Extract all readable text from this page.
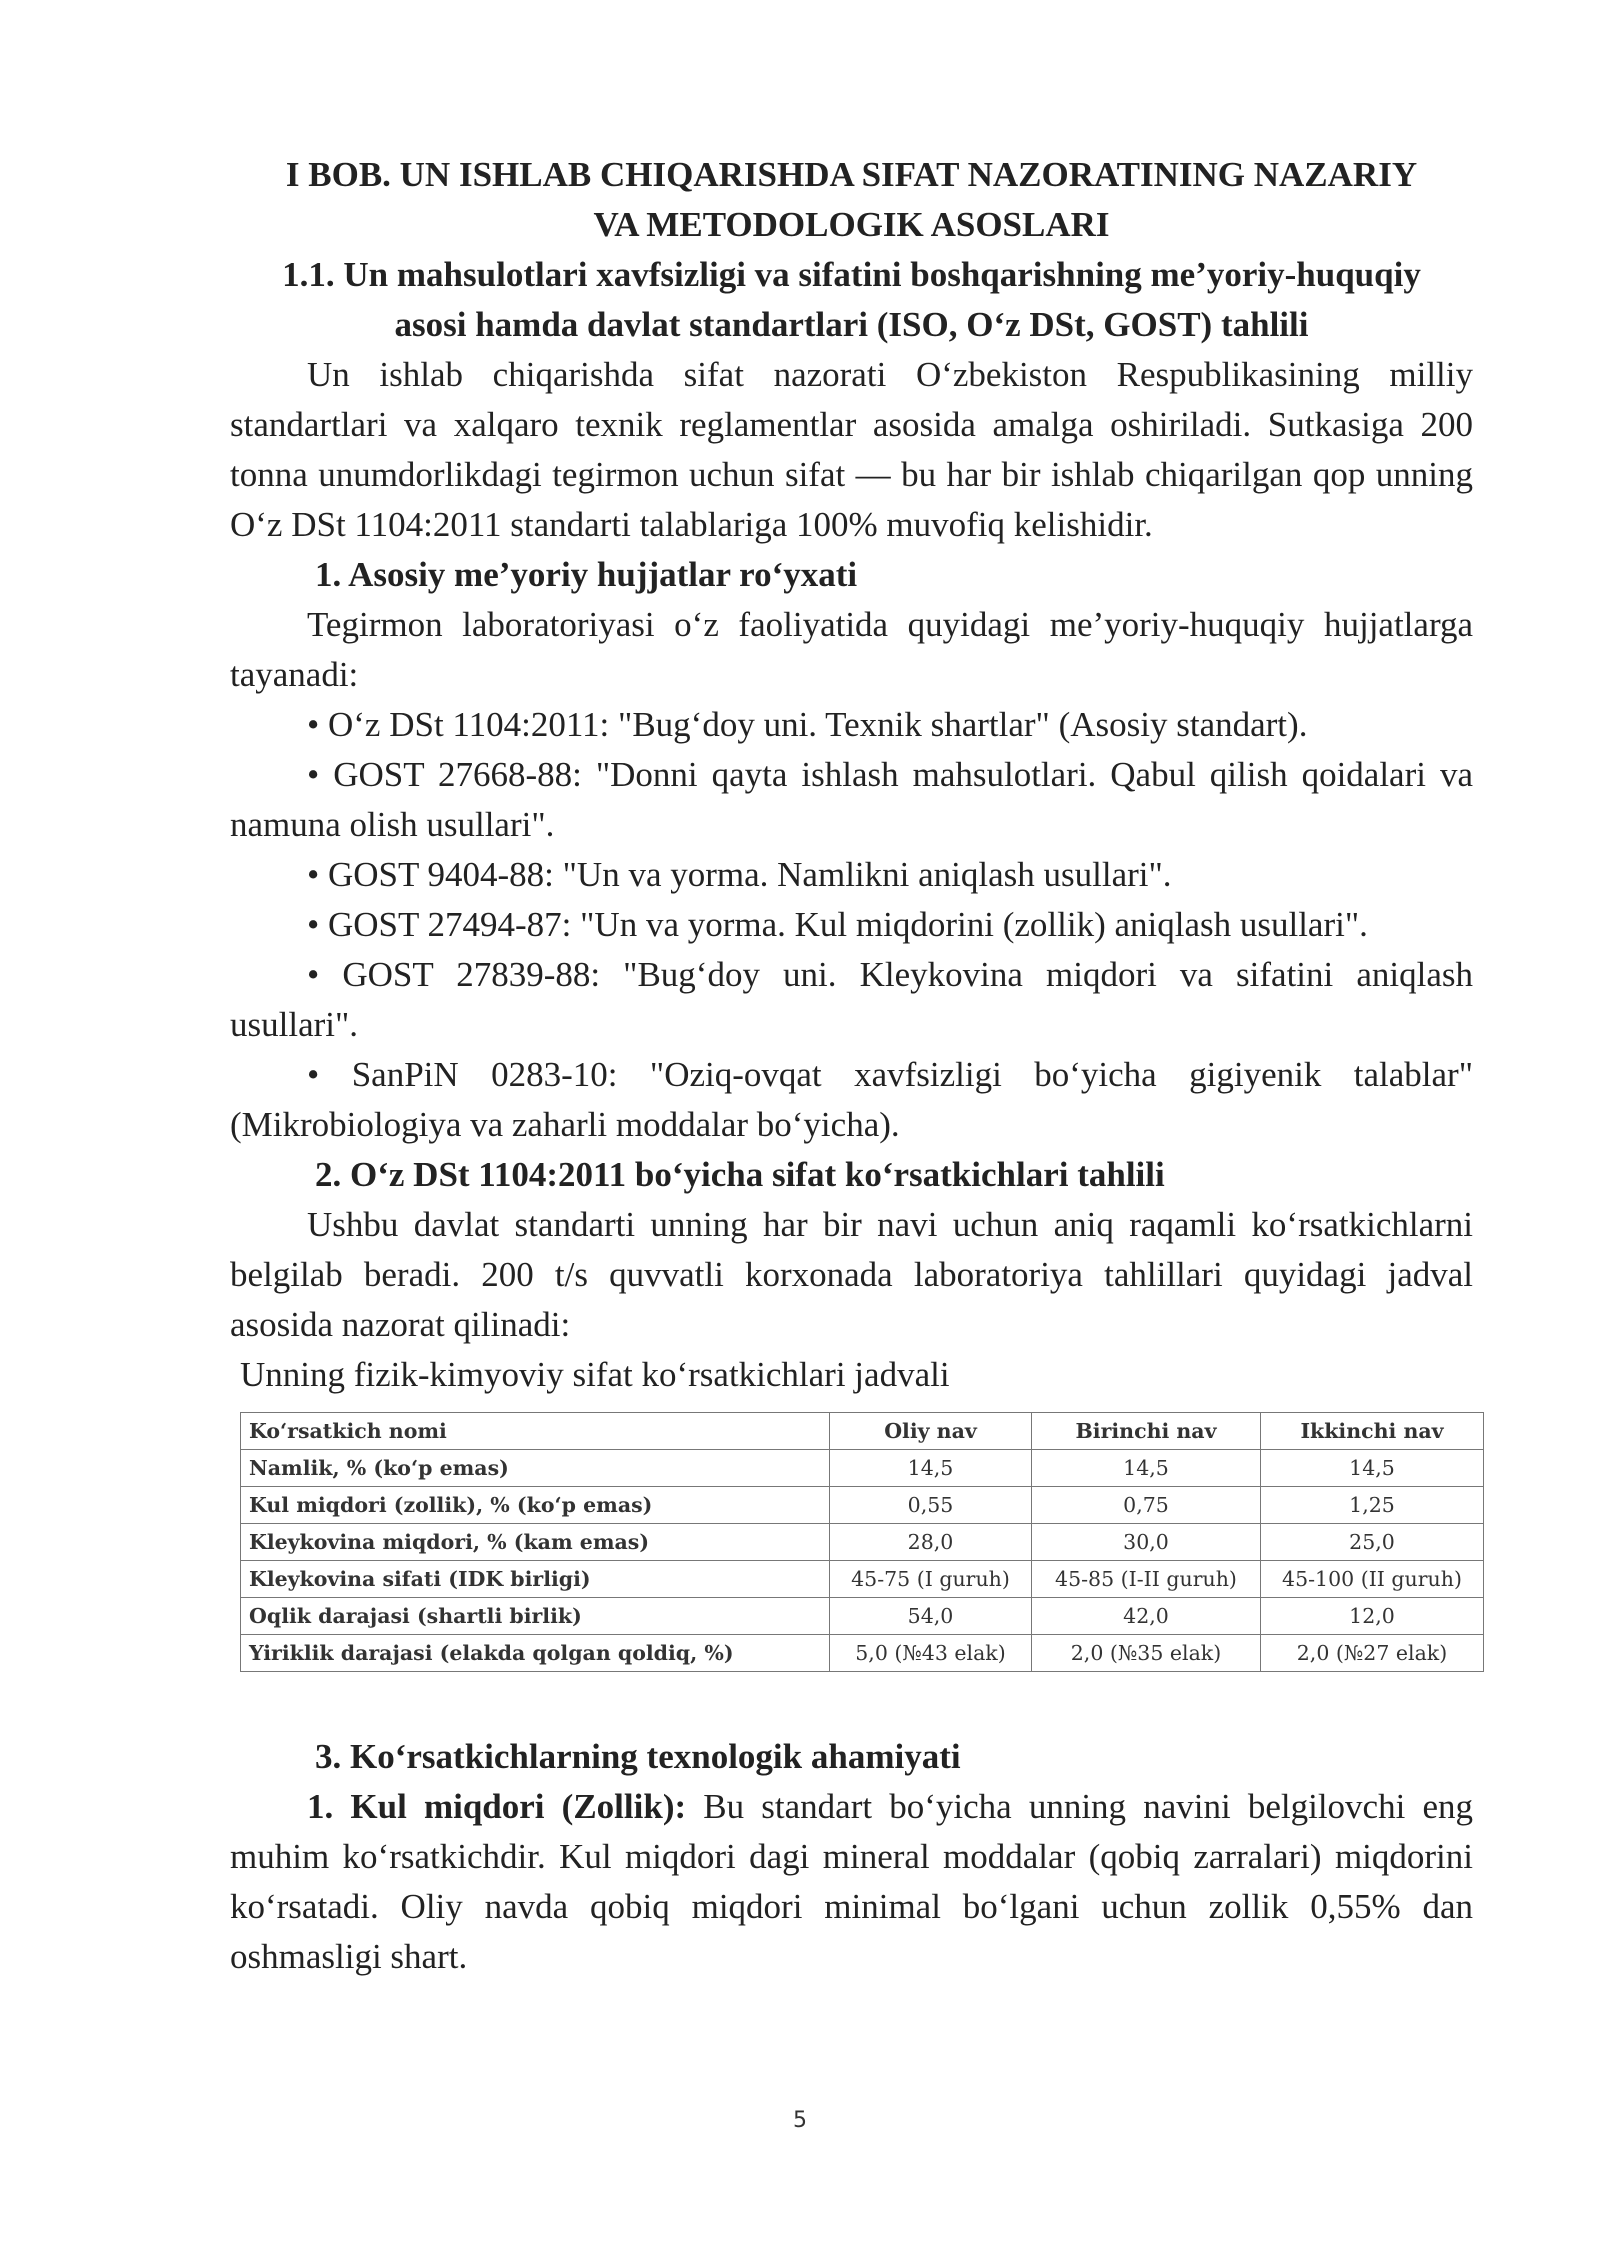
I BOB. UN ISHLAB CHIQARISHDA SIFAT NAZORATINING NAZARIY
VA METODOLOGIK ASOSLARI

1.1. Un mahsulotlari xavfsizligi va sifatini boshqarishning me’yoriy-huquqiy
asosi hamda davlat standartlari (ISO, O‘z DSt, GOST) tahlili

Un ishlab chiqarishda sifat nazorati O‘zbekiston Respublikasining milliy standartlari va xalqaro texnik reglamentlar asosida amalga oshiriladi. Sutkasiga 200 tonna unumdorlikdagi tegirmon uchun sifat — bu har bir ishlab chiqarilgan qop unning O‘z DSt 1104:2011 standarti talablariga 100% muvofiq kelishidir.

1. Asosiy me’yoriy hujjatlar ro‘yxati

Tegirmon laboratoriyasi o‘z faoliyatida quyidagi me’yoriy-huquqiy hujjatlarga tayanadi:

• O‘z DSt 1104:2011: "Bug‘doy uni. Texnik shartlar" (Asosiy standart).

• GOST 27668-88: "Donni qayta ishlash mahsulotlari. Qabul qilish qoidalari va namuna olish usullari".

• GOST 9404-88: "Un va yorma. Namlikni aniqlash usullari".

• GOST 27494-87: "Un va yorma. Kul miqdorini (zollik) aniqlash usullari".

• GOST 27839-88: "Bug‘doy uni. Kleykovina miqdori va sifatini aniqlash usullari".

• SanPiN 0283-10: "Oziq-ovqat xavfsizligi bo‘yicha gigiyenik talablar" (Mikrobiologiya va zaharli moddalar bo‘yicha).

2. O‘z DSt 1104:2011 bo‘yicha sifat ko‘rsatkichlari tahlili

Ushbu davlat standarti unning har bir navi uchun aniq raqamli ko‘rsatkichlarni belgilab beradi. 200 t/s quvvatli korxonada laboratoriya tahlillari quyidagi jadval asosida nazorat qilinadi:

Unning fizik-kimyoviy sifat ko‘rsatkichlari jadvali

Ko‘rsatkich nomi	Oliy nav	Birinchi nav	Ikkinchi nav
Namlik, % (ko‘p emas)	14,5	14,5	14,5
Kul miqdori (zollik), % (ko‘p emas)	0,55	0,75	1,25
Kleykovina miqdori, % (kam emas)	28,0	30,0	25,0
Kleykovina sifati (IDK birligi)	45-75 (I guruh)	45-85 (I-II guruh)	45-100 (II guruh)
Oqlik darajasi (shartli birlik)	54,0	42,0	12,0
Yiriklik darajasi (elakda qolgan qoldiq, %)	5,0 (№43 elak)	2,0 (№35 elak)	2,0 (№27 elak)

3. Ko‘rsatkichlarning texnologik ahamiyati

1. Kul miqdori (Zollik): Bu standart bo‘yicha unning navini belgilovchi eng muhim ko‘rsatkichdir. Kul miqdori dagi mineral moddalar (qobiq zarralari) miqdorini ko‘rsatadi. Oliy navda qobiq miqdori minimal bo‘lgani uchun zollik 0,55% dan oshmasligi shart.

5
